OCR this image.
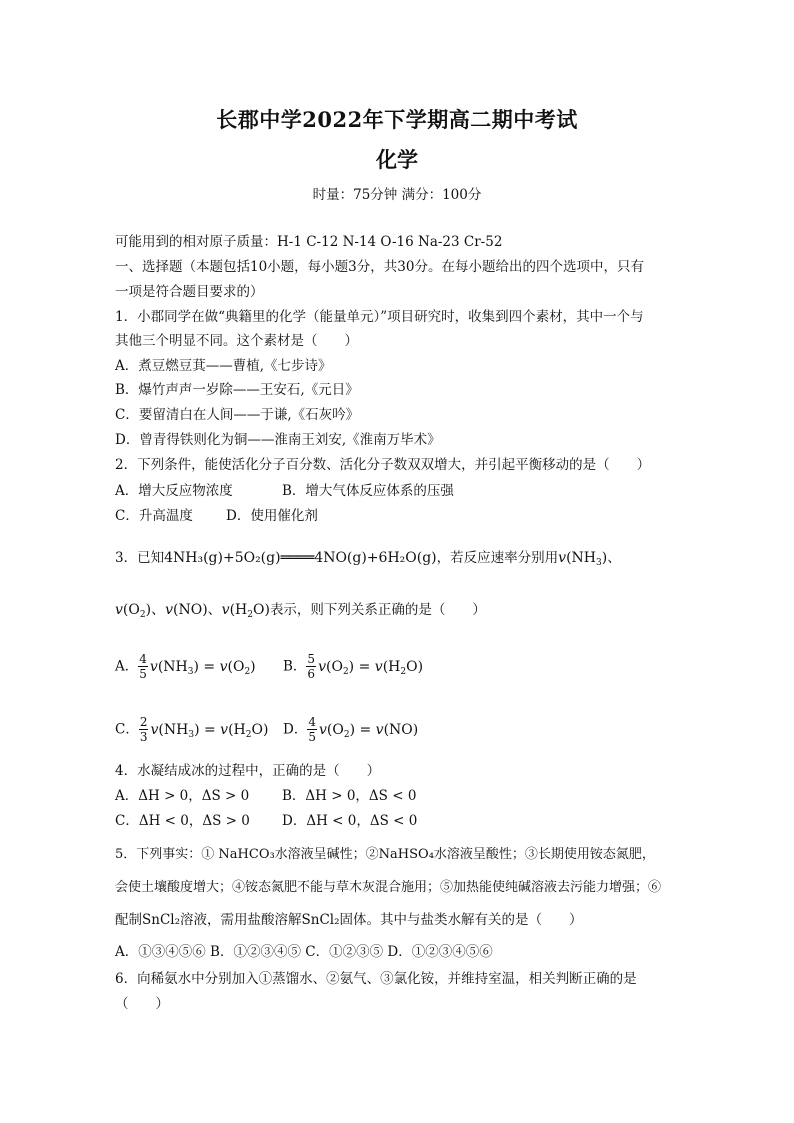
长郡中学2022年下学期高二期中考试
化学
时量：75分钟 满分：100分
可能用到的相对原子质量：H-1 C-12 N-14 O-16 Na-23 Cr-52
一、选择题（本题包括10小题，每小题3分，共30分。在每小题给出的四个选项中，只有
一项是符合题目要求的）
1．小郡同学在做“典籍里的化学（能量单元）”项目研究时，收集到四个素材，其中一个与
其他三个明显不同。这个素材是（　　）
A．煮豆燃豆萁——曹植,《七步诗》
B．爆竹声声一岁除——王安石,《元日》
C．要留清白在人间——于谦,《石灰吟》
D．曾青得铁则化为铜——淮南王刘安,《淮南万毕术》
2．下列条件，能使活化分子百分数、活化分子数双双增大，并引起平衡移动的是（　　）
A．增大反应物浓度	B．增大气体反应体系的压强
C．升高温度 D．使用催化剂
3．已知4NH₃(g)+5O₂(g)════4NO(g)+6H₂O(g)，若反应速率分别用$v(NH_3)$、
$v(O_2)$、v(NO)、$v(H_2O)$表示，则下列关系正确的是（　　）
A． $\frac{4}{5} v(NH_3) = v(O_2)$ B． $\frac{5}{6} v(O_2) = v(H_2O)$
C． $\frac{2}{3} v(NH_3) = v(H_2O)$ D． $\frac{4}{5} v(O_2) = v(NO)$
4．水凝结成冰的过程中，正确的是（　　）
A．ΔH > 0，ΔS > 0 B．ΔH > 0，ΔS < 0
C．ΔH < 0，ΔS > 0 D．ΔH < 0，ΔS < 0
5．下列事实：① NaHCO₃水溶液呈碱性；②NaHSO₄水溶液呈酸性；③长期使用铵态氮肥，
会使土壤酸度增大；④铵态氮肥不能与草木灰混合施用；⑤加热能使纯碱溶液去污能力增强；⑥
配制SnCl₂溶液，需用盐酸溶解SnCl₂固体。其中与盐类水解有关的是（　　）
A．①③④⑤⑥ B．①②③④⑤ C．①②③⑤ D．①②③④⑤⑥
6．向稀氨水中分别加入①蒸馏水、②氨气、③氯化铵，并维持室温，相关判断正确的是
（　　）
